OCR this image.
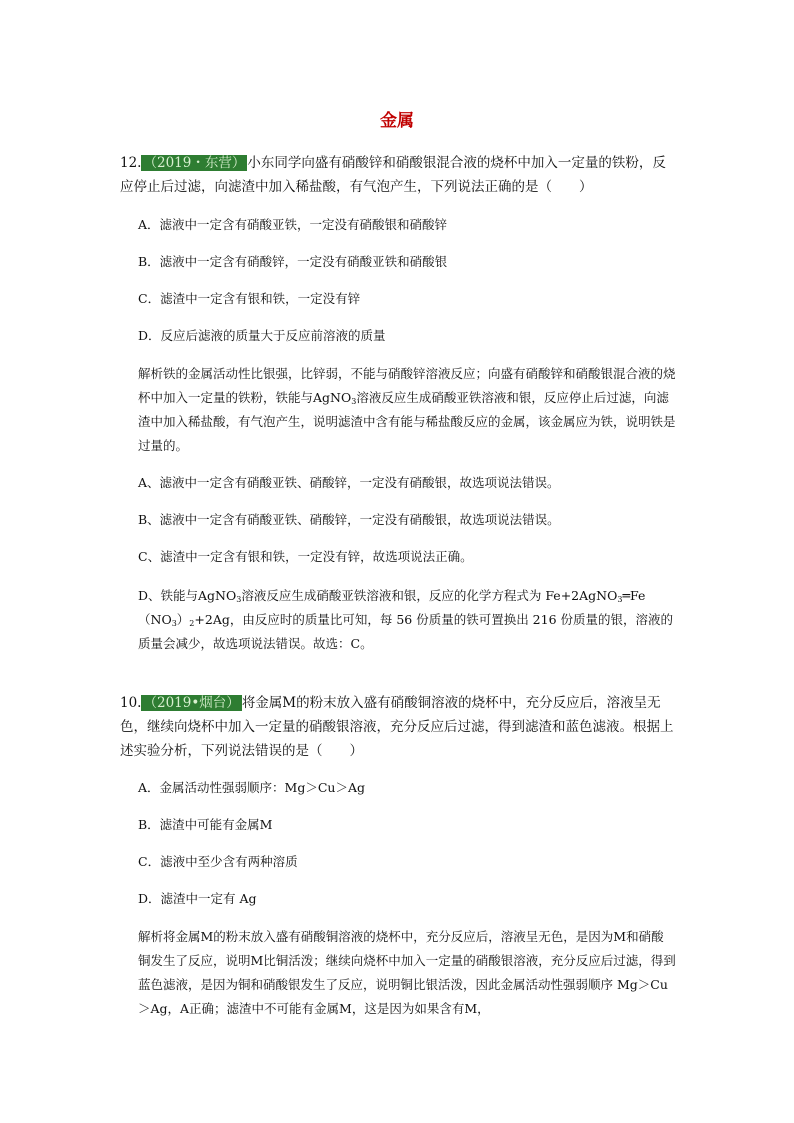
金属
12. （2019・东营） 小东同学向盛有硝酸锌和硝酸银混合液的烧杯中加入一定量的铁粉，反应停止后过滤，向滤渣中加入稀盐酸，有气泡产生，下列说法正确的是（　　）
A．滤液中一定含有硝酸亚铁，一定没有硝酸银和硝酸锌
B．滤液中一定含有硝酸锌，一定没有硝酸亚铁和硝酸银
C．滤渣中一定含有银和铁，一定没有锌
D．反应后滤液的质量大于反应前溶液的质量
解析铁的金属活动性比银强，比锌弱，不能与硝酸锌溶液反应；向盛有硝酸锌和硝酸银混合液的烧杯中加入一定量的铁粉，铁能与AgNO$_3$溶液反应生成硝酸亚铁溶液和银，反应停止后过滤，向滤渣中加入稀盐酸，有气泡产生，说明滤渣中含有能与稀盐酸反应的金属，该金属应为铁，说明铁是过量的。
A、滤液中一定含有硝酸亚铁、硝酸锌，一定没有硝酸银，故选项说法错误。
B、滤液中一定含有硝酸亚铁、硝酸锌，一定没有硝酸银，故选项说法错误。
C、滤渣中一定含有银和铁，一定没有锌，故选项说法正确。
D、铁能与AgNO$_3$溶液反应生成硝酸亚铁溶液和银，反应的化学方程式为 $Fe+2AgNO_3═Fe(NO_3)_2+2Ag$，由反应时的质量比可知，每 56 份质量的铁可置换出 216 份质量的银，溶液的质量会减少，故选项说法错误。故选：C。
10. （2019•烟台） 将金属M的粉末放入盛有硝酸铜溶液的烧杯中，充分反应后，溶液呈无色，继续向烧杯中加入一定量的硝酸银溶液，充分反应后过滤，得到滤渣和蓝色滤液。根据上述实验分析，下列说法错误的是（　　）
A．金属活动性强弱顺序：Mg＞Cu＞Ag
B．滤渣中可能有金属M
C．滤液中至少含有两种溶质
D．滤渣中一定有 Ag
解析将金属M的粉末放入盛有硝酸铜溶液的烧杯中，充分反应后，溶液呈无色，是因为M和硝酸铜发生了反应，说明M比铜活泼；继续向烧杯中加入一定量的硝酸银溶液，充分反应后过滤，得到蓝色滤液，是因为铜和硝酸银发生了反应，说明铜比银活泼，因此金属活动性强弱顺序 Mg＞Cu＞Ag，A正确；滤渣中不可能有金属M，这是因为如果含有M，
